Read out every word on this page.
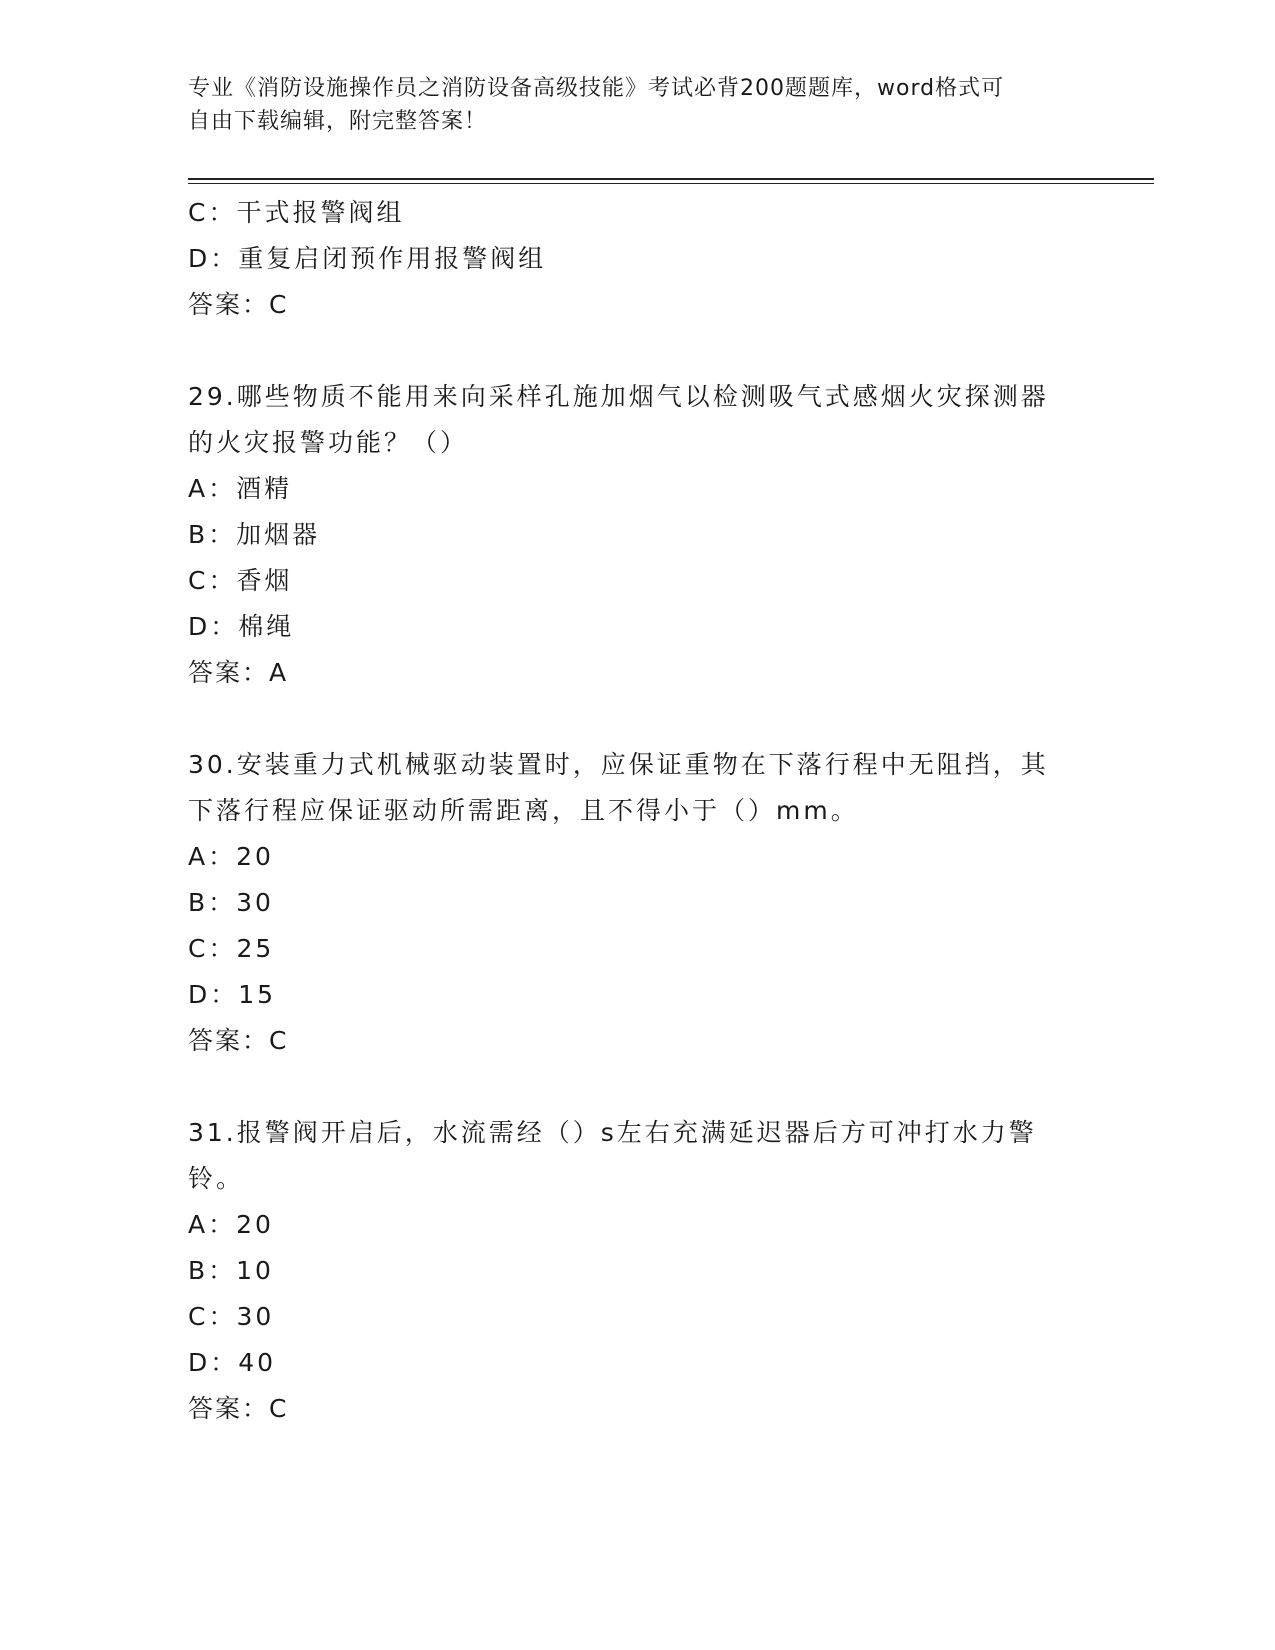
专业《消防设施操作员之消防设备高级技能》考试必背200题题库，word格式可
自由下载编辑，附完整答案！
C：干式报警阀组
D：重复启闭预作用报警阀组
答案：C
29.哪些物质不能用来向采样孔施加烟气以检测吸气式感烟火灾探测器
的火灾报警功能？（）
A：酒精
B：加烟器
C：香烟
D：棉绳
答案：A
30.安装重力式机械驱动装置时，应保证重物在下落行程中无阻挡，其
下落行程应保证驱动所需距离，且不得小于（）mm。
A：20
B：30
C：25
D：15
答案：C
31.报警阀开启后，水流需经（）s左右充满延迟器后方可冲打水力警
铃。
A：20
B：10
C：30
D：40
答案：C
